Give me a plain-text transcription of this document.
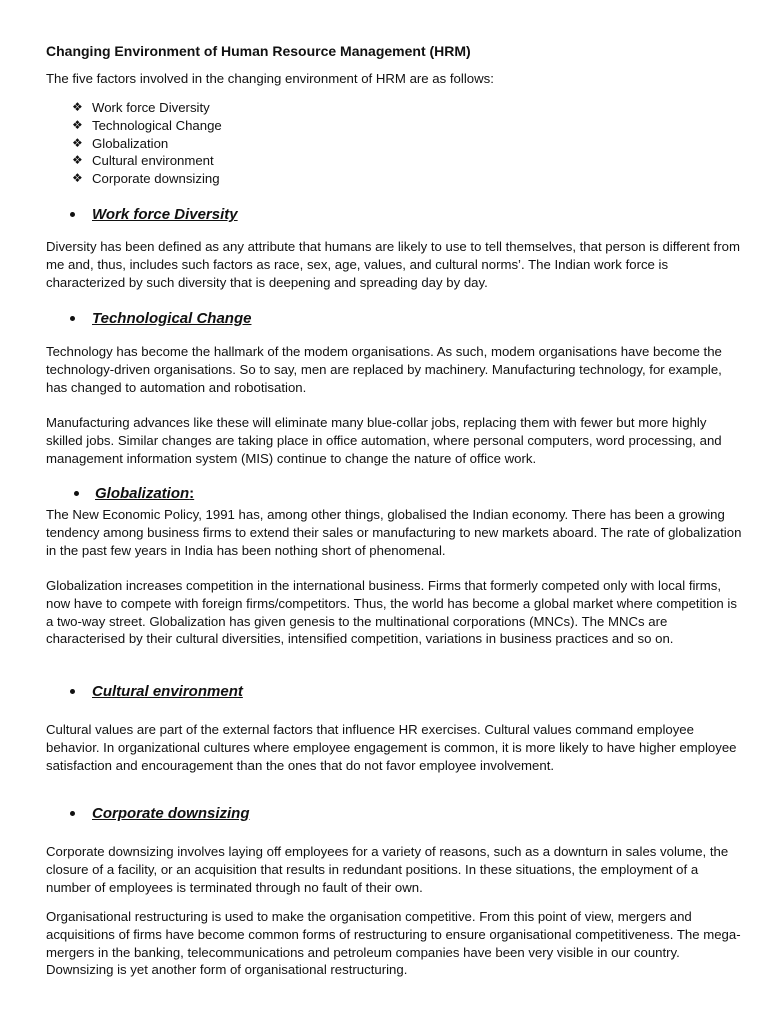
Changing Environment of Human Resource Management (HRM)

The five factors involved in the changing environment of HRM are as follows:

❖ Work force Diversity
❖ Technological Change
❖ Globalization
❖ Cultural environment
❖ Corporate downsizing
Work force Diversity

Diversity has been defined as any attribute that humans are likely to use to tell themselves, that person is different from me and, thus, includes such factors as race, sex, age, values, and cultural norms’. The Indian work force is characterized by such diversity that is deepening and spreading day by day.

Technological Change

Technology has become the hallmark of the modem organisations. As such, modem organisations have become the technology-driven organisations. So to say, men are replaced by machinery. Manufacturing technology, for example, has changed to automation and robotisation.

Manufacturing advances like these will eliminate many blue-collar jobs, replacing them with fewer but more highly skilled jobs. Similar changes are taking place in office automation, where personal computers, word processing, and management information system (MIS) continue to change the nature of office work.

Globalization :

The New Economic Policy, 1991 has, among other things, globalised the Indian economy. There has been a growing tendency among business firms to extend their sales or manufacturing to new markets aboard. The rate of globalization in the past few years in India has been nothing short of phenomenal.

Globalization increases competition in the international business. Firms that formerly competed only with local firms, now have to compete with foreign firms/competitors. Thus, the world has become a global market where competition is a two-way street. Globalization has given genesis to the multinational corporations (MNCs). The MNCs are characterised by their cultural diversities, intensified competition, variations in business practices and so on.

Cultural environment

Cultural values are part of the external factors that influence HR exercises. Cultural values command employee behavior. In organizational cultures where employee engagement is common, it is more likely to have higher employee satisfaction and encouragement than the ones that do not favor employee involvement.

Corporate downsizing

Corporate downsizing involves laying off employees for a variety of reasons, such as a downturn in sales volume, the closure of a facility, or an acquisition that results in redundant positions. In these situations, the employment of a number of employees is terminated through no fault of their own.

Organisational restructuring is used to make the organisation competitive. From this point of view, mergers and acquisitions of firms have become common forms of restructuring to ensure organisational competitiveness. The mega-mergers in the banking, telecommunications and petroleum companies have been very visible in our country. Downsizing is yet another form of organisational restructuring.
